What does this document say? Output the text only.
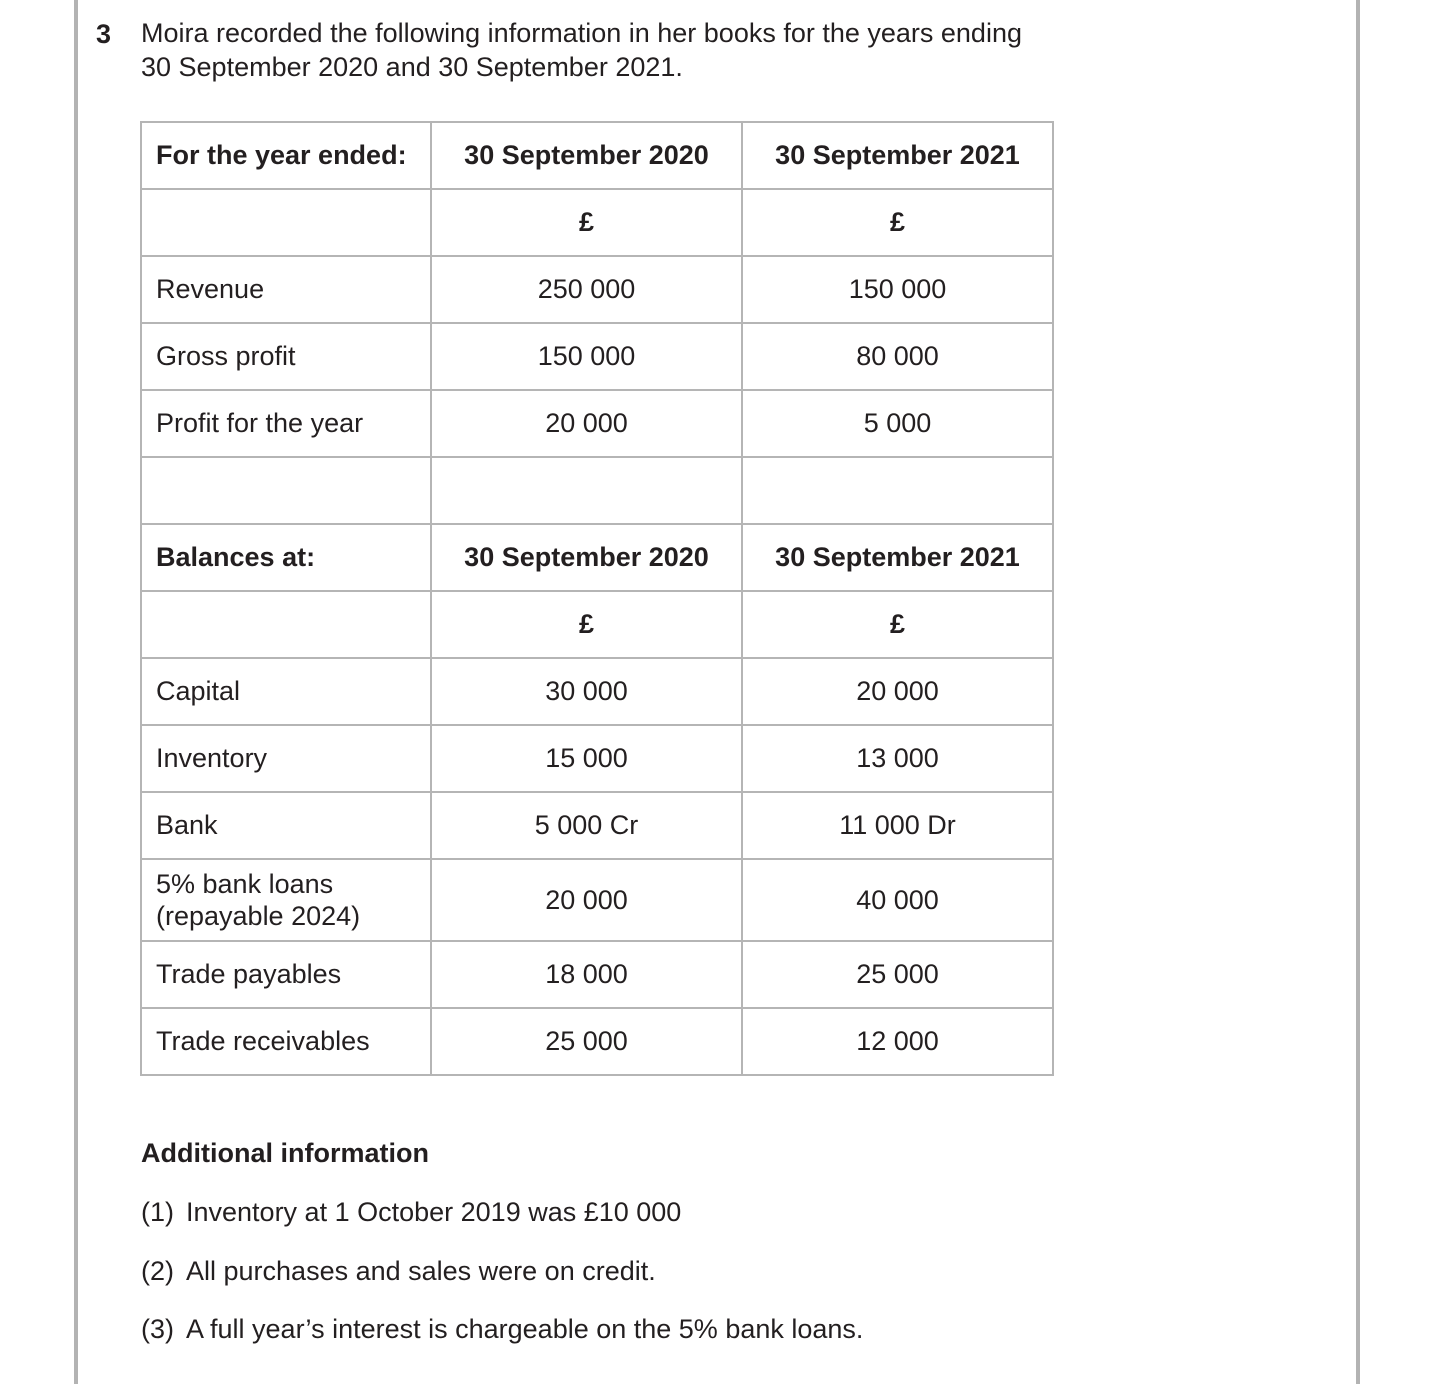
3 Moira recorded the following information in her books for the years ending
30 September 2020 and 30 September 2021.
For the year ended:	30 September 2020	30 September 2021
	£	£
Revenue	250 000	150 000
Gross profit	150 000	80 000
Profit for the year	20 000	5 000

Balances at:	30 September 2020	30 September 2021
	£	£
Capital	30 000	20 000
Inventory	15 000	13 000
Bank	5 000 Cr	11 000 Dr

5% bank loans
(repayable 2024)	20 000	40 000
Trade payables	18 000	25 000
Trade receivables	25 000	12 000
Additional information
(1) Inventory at 1 October 2019 was £10 000
(2) All purchases and sales were on credit.
(3) A full year’s interest is chargeable on the 5% bank loans.
